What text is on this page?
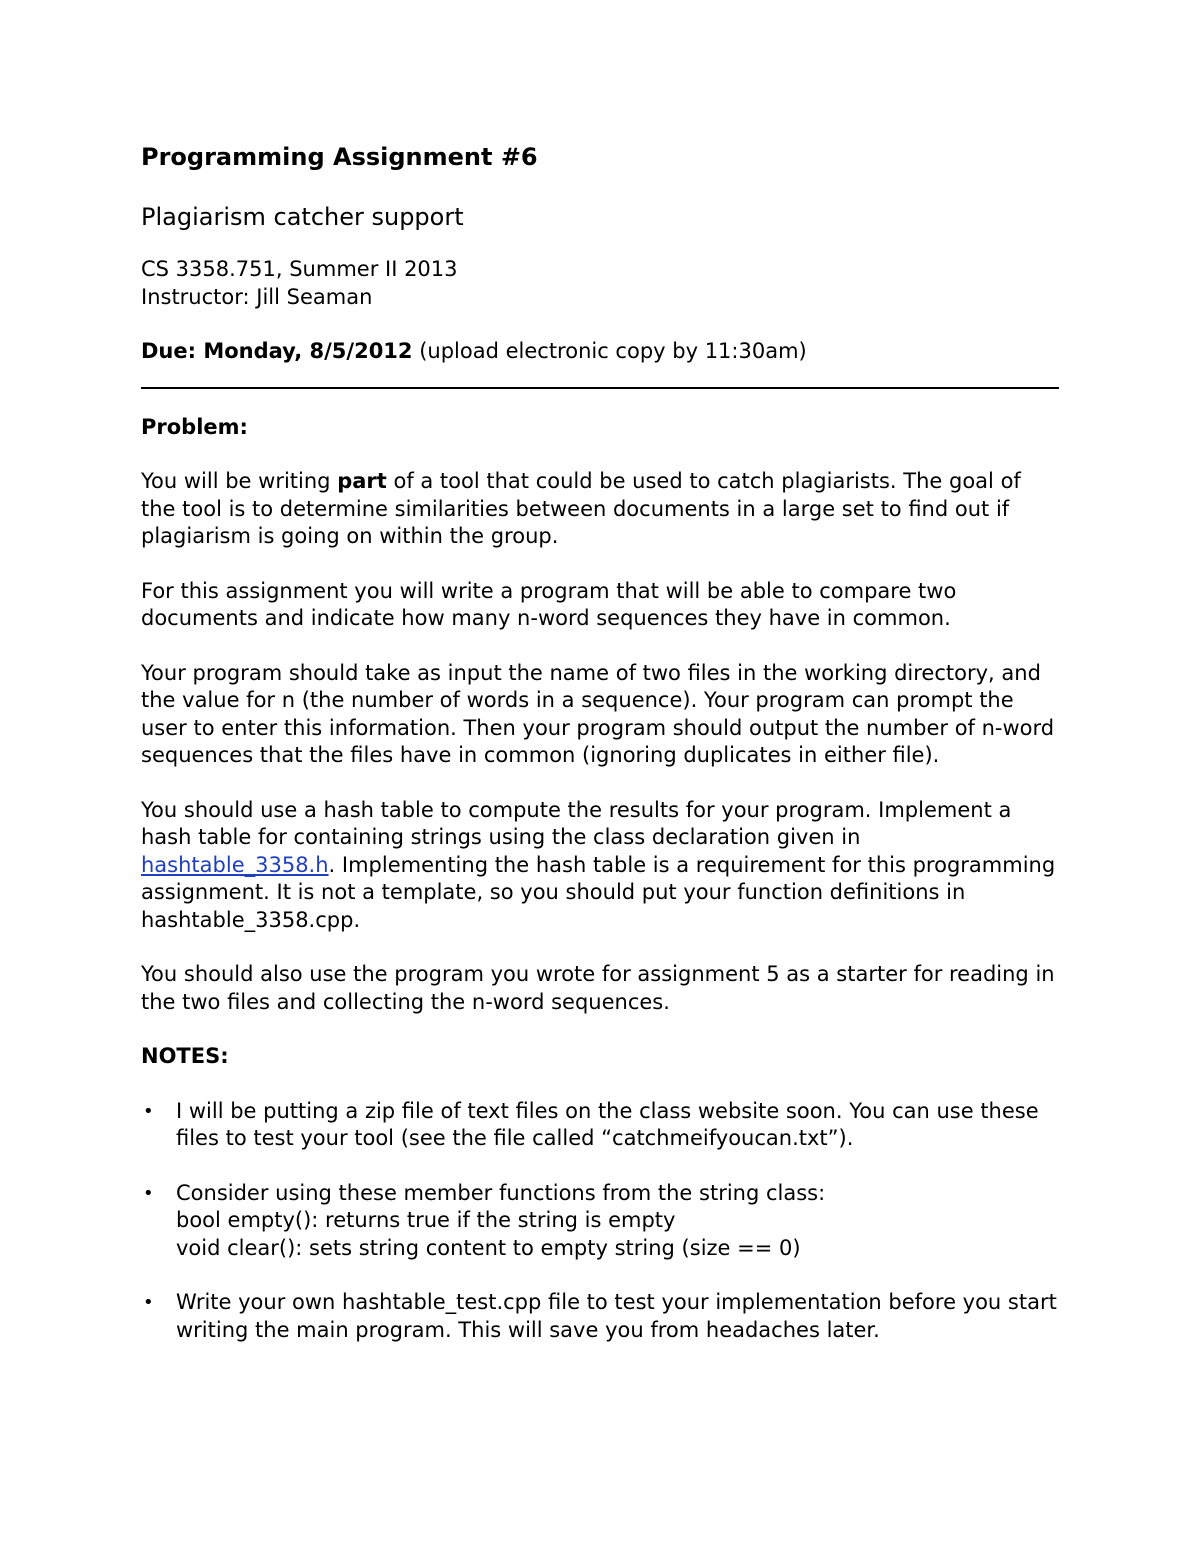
Programming Assignment #6
Plagiarism catcher support
CS 3358.751, Summer II 2013
Instructor: Jill Seaman
Due: Monday, 8/5/2012 (upload electronic copy by 11:30am)
Problem:
You will be writing part of a tool that could be used to catch plagiarists. The goal of the tool is to determine similarities between documents in a large set to find out if plagiarism is going on within the group.
For this assignment you will write a program that will be able to compare two documents and indicate how many n-word sequences they have in common.
Your program should take as input the name of two files in the working directory, and the value for n (the number of words in a sequence). Your program can prompt the user to enter this information. Then your program should output the number of n-word sequences that the files have in common (ignoring duplicates in either file).
You should use a hash table to compute the results for your program. Implement a hash table for containing strings using the class declaration given in hashtable_3358.h. Implementing the hash table is a requirement for this programming assignment. It is not a template, so you should put your function definitions in hashtable_3358.cpp.
You should also use the program you wrote for assignment 5 as a starter for reading in the two files and collecting the n-word sequences.
NOTES:
• I will be putting a zip file of text files on the class website soon. You can use these files to test your tool (see the file called “catchmeifyoucan.txt”).
• Consider using these member functions from the string class:
bool empty(): returns true if the string is empty
void clear(): sets string content to empty string (size == 0)
• Write your own hashtable_test.cpp file to test your implementation before you start writing the main program. This will save you from headaches later.
